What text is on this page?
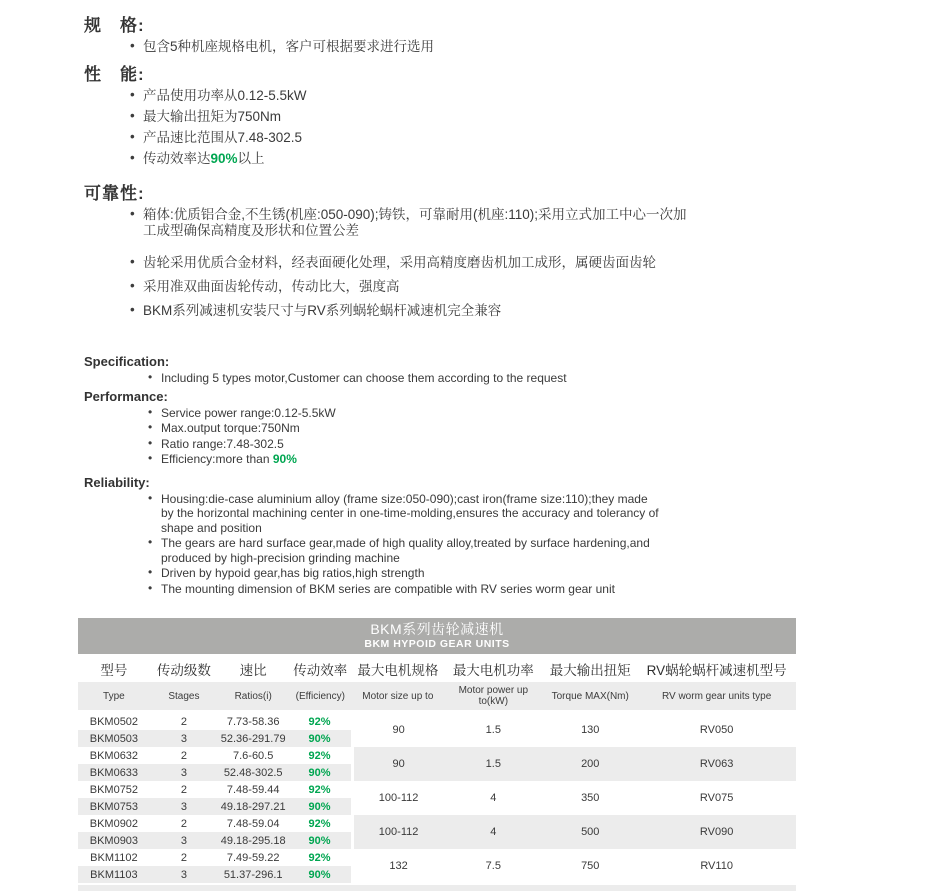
规　格:
• 包含5种机座规格电机，客户可根据要求进行选用
性　能:
• 产品使用功率从0.12-5.5kW
• 最大输出扭矩为750Nm
• 产品速比范围从7.48-302.5
• 传动效率达90%以上
可靠性:
• 箱体:优质铝合金,不生锈(机座:050-090);铸铁，可靠耐用(机座:110);采用立式加工中心一次加工成型确保高精度及形状和位置公差
• 齿轮采用优质合金材料，经表面硬化处理，采用高精度磨齿机加工成形，属硬齿面齿轮
• 采用准双曲面齿轮传动，传动比大，强度高
• BKM系列减速机安装尺寸与RV系列蜗轮蜗杆减速机完全兼容
Specification:
• Including 5 types motor,Customer can choose them according to the request
Performance:
• Service power range:0.12-5.5kW
• Max.output torque:750Nm
• Ratio range:7.48-302.5
• Efficiency:more than 90%
Reliability:
• Housing:die-case aluminium alloy (frame size:050-090);cast iron(frame size:110);they made by the horizontal machining center in one-time-molding,ensures the accuracy and tolerancy of shape and position
• The gears are hard surface gear,made of high quality alloy,treated by surface hardening,and produced by high-precision grinding machine
• Driven by hypoid gear,has big ratios,high strength
• The mounting dimension of BKM series are compatible with RV series worm gear unit
BKM系列齿轮减速机
BKM HYPOID GEAR UNITS
型号	传动级数	速比	传动效率	最大电机规格	最大电机功率	最大输出扭矩	RV蜗轮蜗杆减速机型号
Type	Stages	Ratios(i)	(Efficiency)	Motor size up to	Motor power up to(kW)	Torque MAX(Nm)	RV worm gear units type
BKM0502	2	7.73-58.36	92%	90	1.5	130	RV050
BKM0503	3	52.36-291.79	90%				
BKM0632	2	7.6-60.5	92%	90	1.5	200	RV063
BKM0633	3	52.48-302.5	90%				
BKM0752	2	7.48-59.44	92%	100-112	4	350	RV075
BKM0753	3	49.18-297.21	90%				
BKM0902	2	7.48-59.04	92%	100-112	4	500	RV090
BKM0903	3	49.18-295.18	90%				
BKM1102	2	7.49-59.22	92%	132	7.5	750	RV110
BKM1103	3	51.37-296.1	90%				
